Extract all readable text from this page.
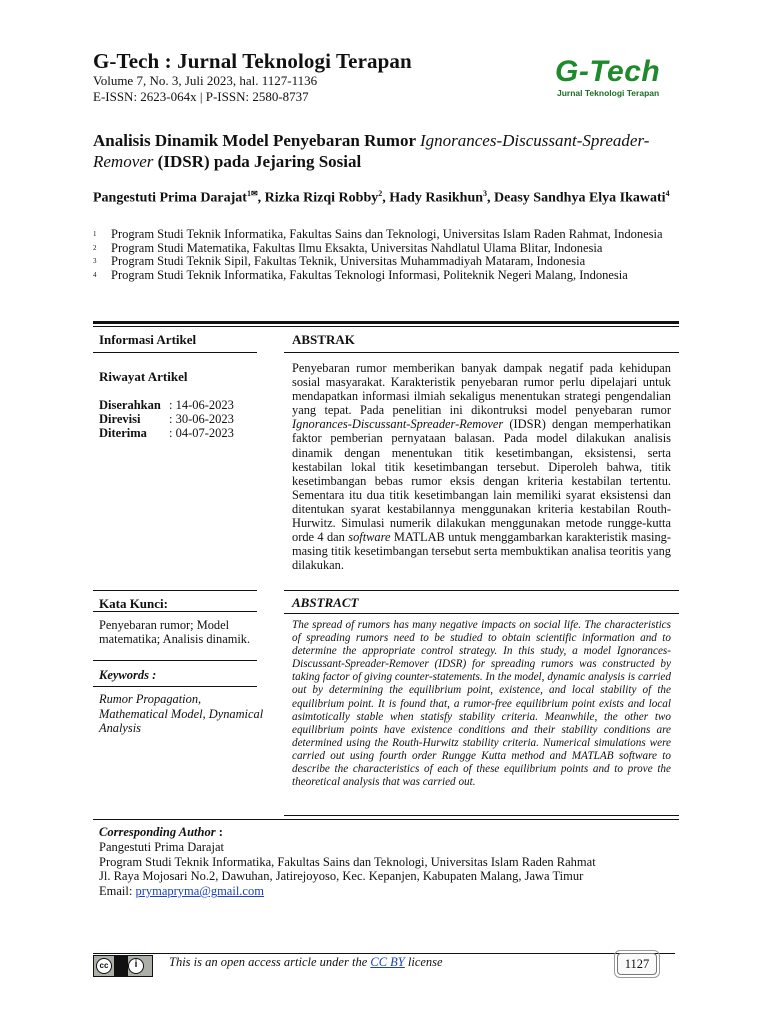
G-Tech : Jurnal Teknologi Terapan
Volume 7, No. 3, Juli 2023, hal. 1127-1136
E-ISSN: 2623-064x | P-ISSN: 2580-8737
G-Tech
Jurnal Teknologi Terapan
Analisis Dinamik Model Penyebaran Rumor Ignorances-Discussant-Spreader-Remover (IDSR) pada Jejaring Sosial
Pangestuti Prima Darajat$^{1✉}$, Rizka Rizqi Robby$^2$, Hady Rasikhun$^3$, Deasy Sandhya Elya Ikawati$^4$
1 Program Studi Teknik Informatika, Fakultas Sains dan Teknologi, Universitas Islam Raden Rahmat, Indonesia
2 Program Studi Matematika, Fakultas Ilmu Eksakta, Universitas Nahdlatul Ulama Blitar, Indonesia
3 Program Studi Teknik Sipil, Fakultas Teknik, Universitas Muhammadiyah Mataram, Indonesia
4 Program Studi Teknik Informatika, Fakultas Teknologi Informasi, Politeknik Negeri Malang, Indonesia
Informasi Artikel	ABSTRAK
Riwayat Artikel
Diserahkan : 14-06-2023
Direvisi : 30-06-2023
Diterima : 04-07-2023
Penyebaran rumor memberikan banyak dampak negatif pada kehidupan sosial masyarakat. Karakteristik penyebaran rumor perlu dipelajari untuk mendapatkan informasi ilmiah sekaligus menentukan strategi pengendalian yang tepat. Pada penelitian ini dikontruksi model penyebaran rumor Ignorances-Discussant-Spreader-Remover (IDSR) dengan memperhatikan faktor pemberian pernyataan balasan. Pada model dilakukan analisis dinamik dengan menentukan titik kesetimbangan, eksistensi, serta kestabilan lokal titik kesetimbangan tersebut. Diperoleh bahwa, titik kesetimbangan bebas rumor eksis dengan kriteria kestabilan tertentu. Sementara itu dua titik kesetimbangan lain memiliki syarat eksistensi dan ditentukan syarat kestabilannya menggunakan kriteria kestabilan Routh-Hurwitz. Simulasi numerik dilakukan menggunakan metode rungge-kutta orde 4 dan software MATLAB untuk menggambarkan karakteristik masing-masing titik kesetimbangan tersebut serta membuktikan analisa teoritis yang dilakukan.
Kata Kunci:	ABSTRACT
Penyebaran rumor; Model matematika; Analisis dinamik.
Keywords :
Rumor Propagation, Mathematical Model, Dynamical Analysis
The spread of rumors has many negative impacts on social life. The characteristics of spreading rumors need to be studied to obtain scientific information and to determine the appropriate control strategy. In this study, a model Ignorances-Discussant-Spreader-Remover (IDSR) for spreading rumors was constructed by taking factor of giving counter-statements. In the model, dynamic analysis is carried out by determining the equilibrium point, existence, and local stability of the equilibrium point. It is found that, a rumor-free equilibrium point exists and local asimtotically stable when statisfy stability criteria. Meanwhile, the other two equilibrium points have existence conditions and their stability conditions are determined using the Routh-Hurwitz stability criteria. Numerical simulations were carried out using fourth order Rungge Kutta method and MATLAB software to describe the characteristics of each of these equilibrium points and to prove the theoretical analysis that was carried out.
Corresponding Author :
Pangestuti Prima Darajat
Program Studi Teknik Informatika, Fakultas Sains dan Teknologi, Universitas Islam Raden Rahmat
Jl. Raya Mojosari No.2, Dawuhan, Jatirejoyoso, Kec. Kepanjen, Kabupaten Malang, Jawa Timur
Email: prymapryma@gmail.com
cc	i	This is an open access article under the CC BY license	1127
